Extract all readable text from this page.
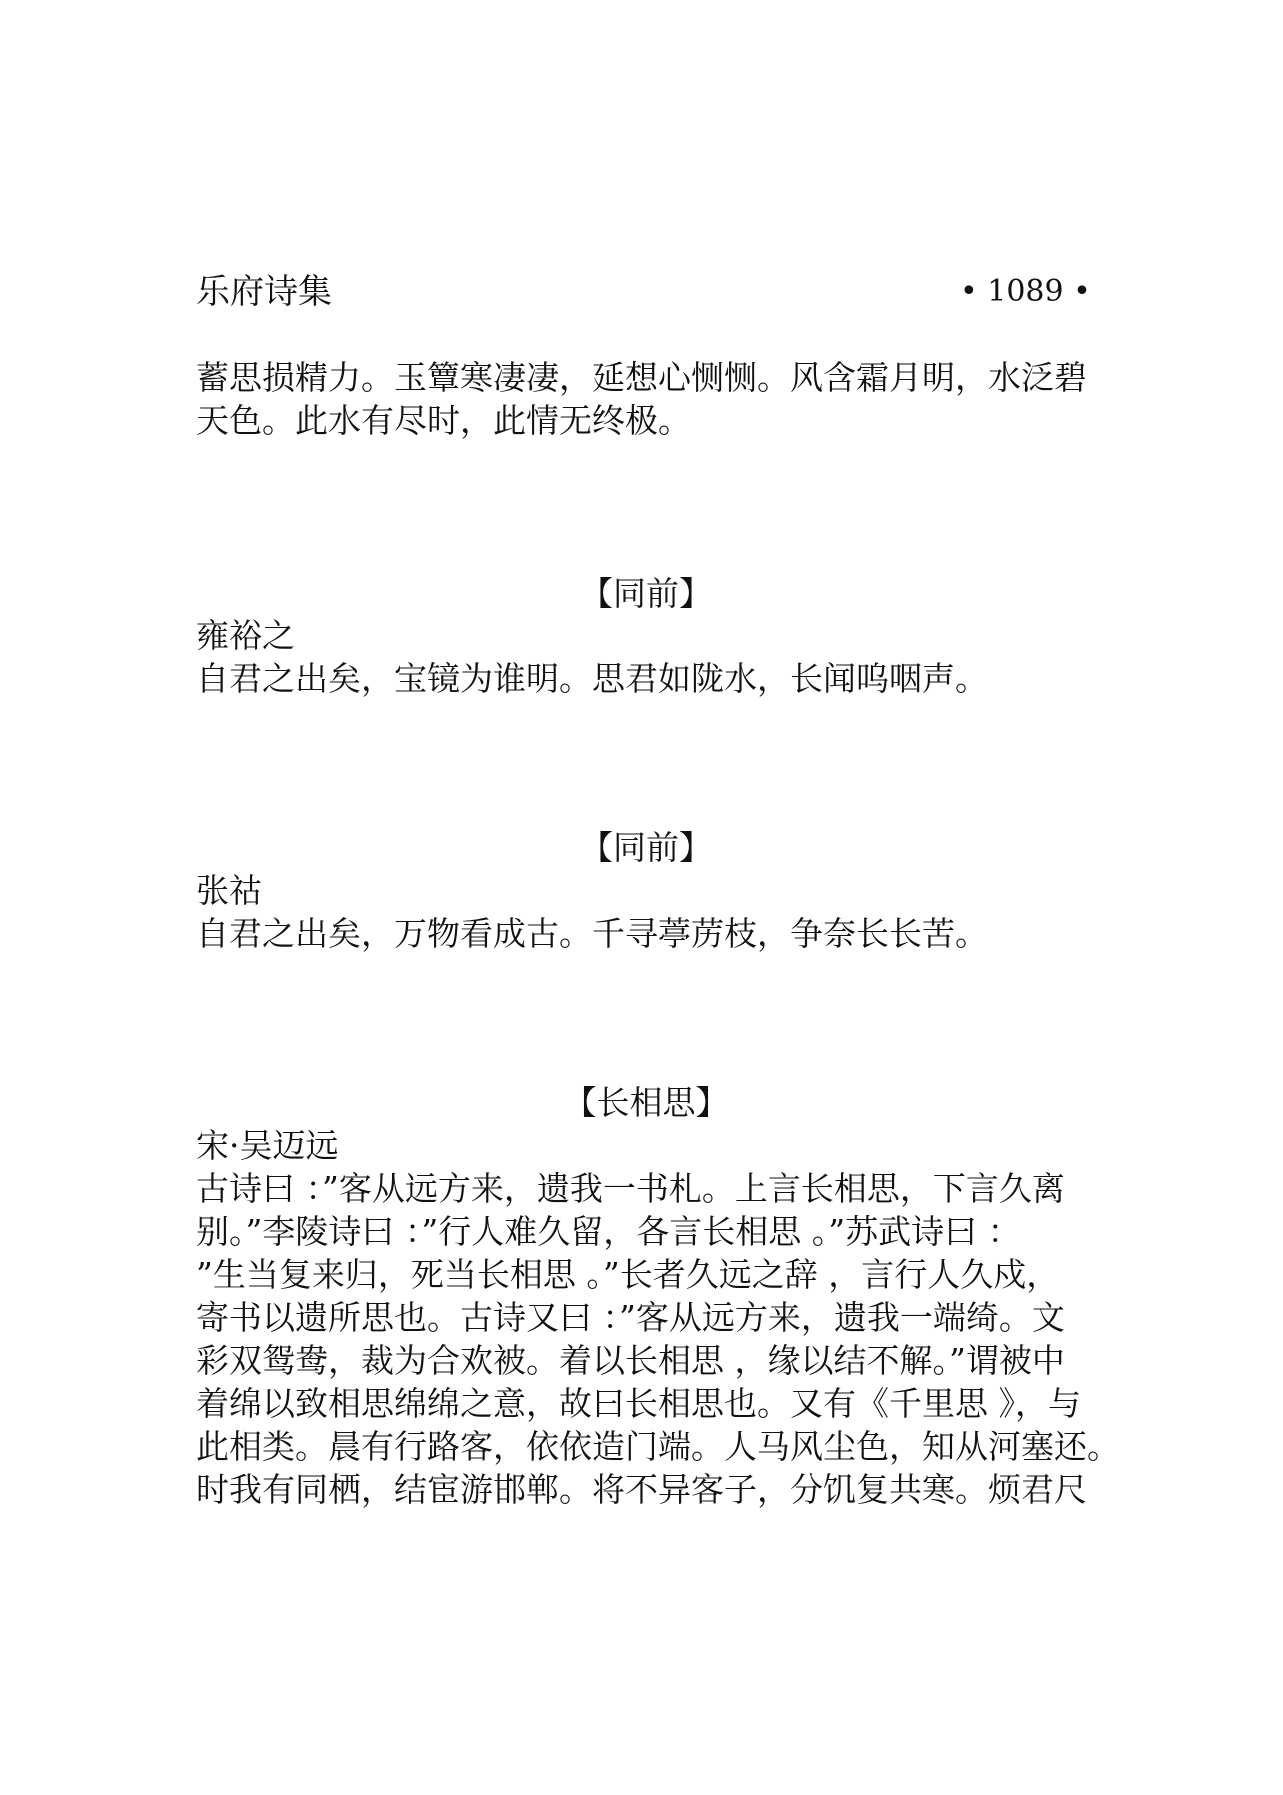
乐府诗集	• 1089 •

蓄思损精力。玉簟寒凄凄，延想心恻恻。风含霜月明，水泛碧

天色。此水有尽时，此情无终极。

【同前】
雍裕之

自君之出矣，宝镜为谁明。思君如陇水，长闻呜咽声。

【同前】
张祜

自君之出矣，万物看成古。千寻葶苈枝，争奈长长苦。

【长相思】
宋·吴迈远

古诗曰 ：”客从远方来，遗我一书札。上言长相思，下言久离

别。”李陵诗曰 ：”行人难久留，各言长相思 。”苏武诗曰 ：

”生当复来归，死当长相思 。”长者久远之辞 ，言行人久戍，

寄书以遗所思也。古诗又曰 ：”客从远方来，遗我一端绮。文

彩双鸳鸯，裁为合欢被。着以长相思 ，缘以结不解。”谓被中

着绵以致相思绵绵之意，故曰长相思也。又有《千里思 》，与

此相类。晨有行路客，依依造门端。人马风尘色，知从河塞还。

时我有同栖，结宦游邯郸。将不异客子，分饥复共寒。烦君尺
